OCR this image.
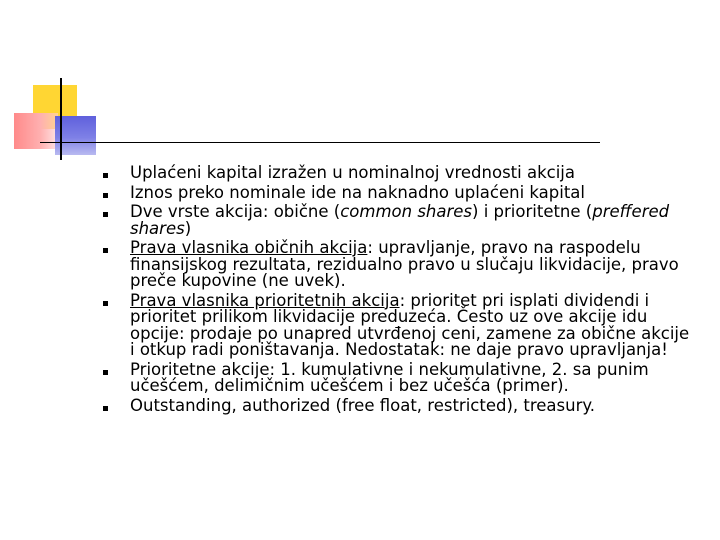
Uplaćeni kapital izražen u nominalnoj vrednosti akcija
Iznos preko nominale ide na naknadno uplaćeni kapital
Dve vrste akcija: obične (common shares) i prioritetne (preffered shares)
Prava vlasnika običnih akcija: upravljanje, pravo na raspodelu finansijskog rezultata, rezidualno pravo u slučaju likvidacije, pravo preče kupovine (ne uvek).
Prava vlasnika prioritetnih akcija: prioritet pri isplati dividendi i prioritet prilikom likvidacije preduzeća. Često uz ove akcije idu opcije: prodaje po unapred utvrđenoj ceni, zamene za obične akcije i otkup radi poništavanja. Nedostatak: ne daje pravo upravljanja!
Prioritetne akcije: 1. kumulativne i nekumulativne, 2. sa punim učešćem, delimičnim učešćem i bez učešća (primer).
Outstanding, authorized (free float, restricted), treasury.
